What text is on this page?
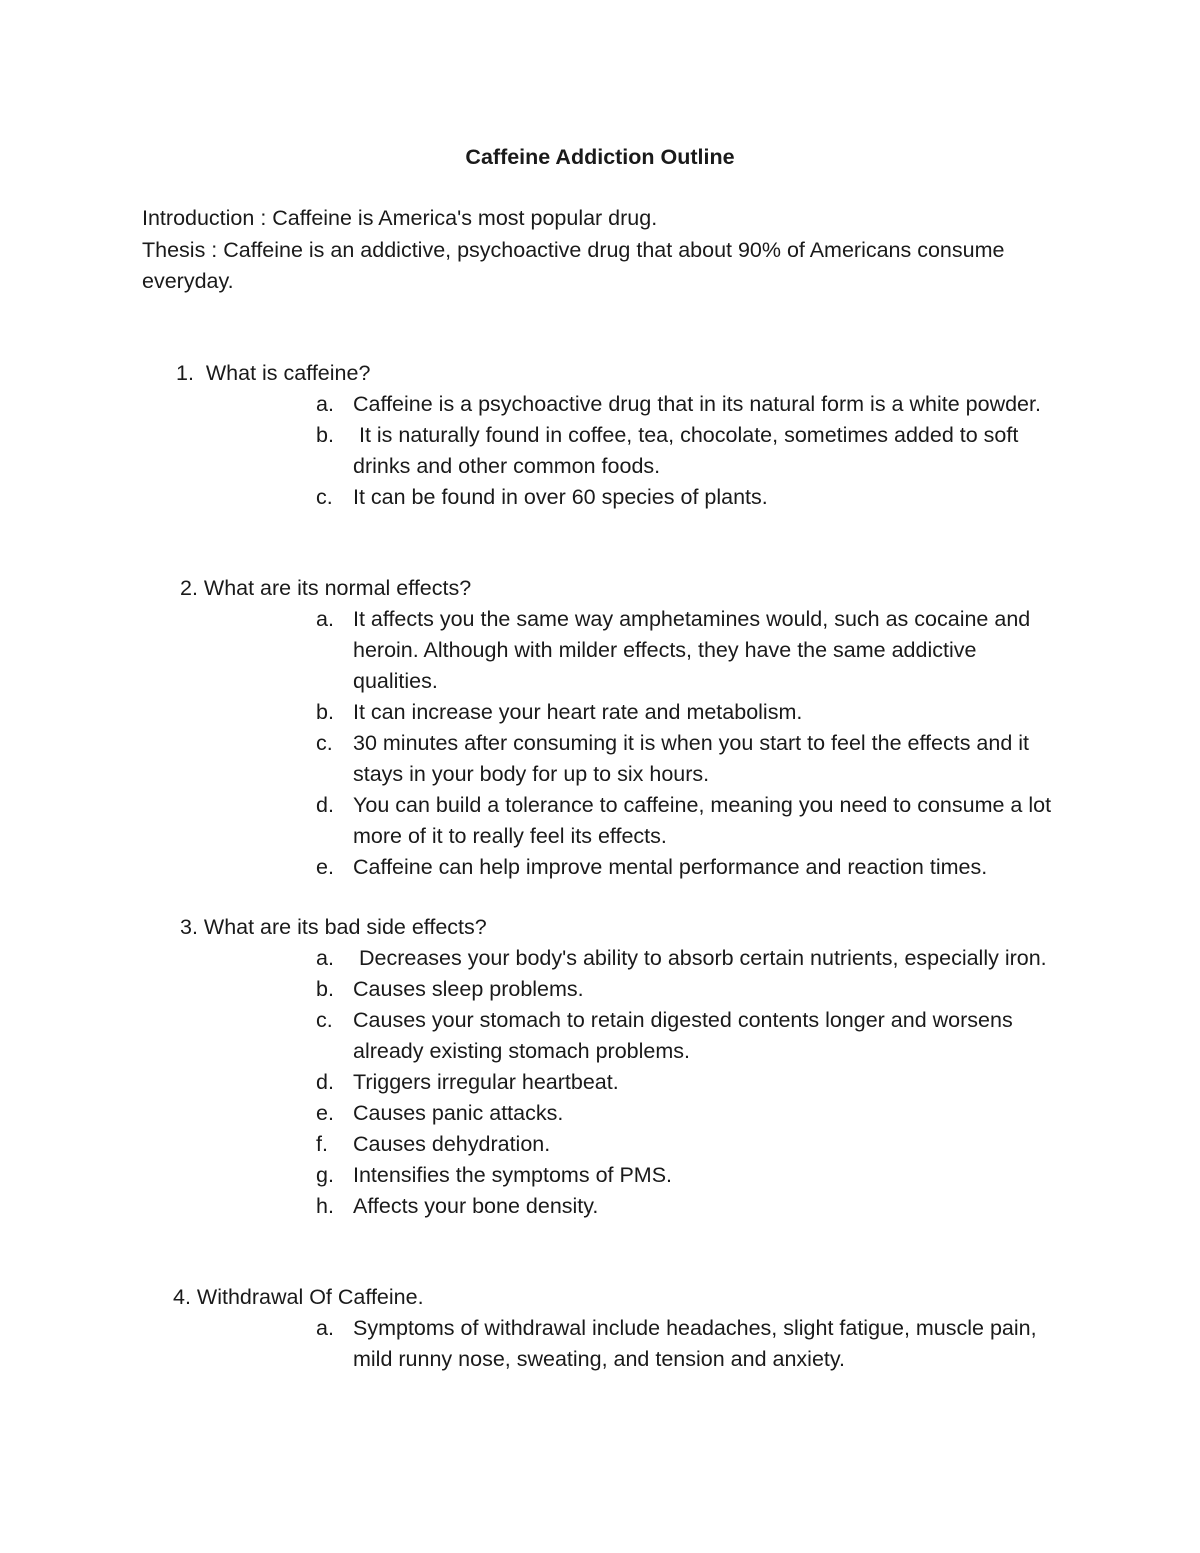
Caffeine Addiction Outline

Introduction : Caffeine is America's most popular drug.

Thesis : Caffeine is an addictive, psychoactive drug that about 90% of Americans consume everyday.

1.  What is caffeine?
a. Caffeine is a psychoactive drug that in its natural form is a white powder.
b. It is naturally found in coffee, tea, chocolate, sometimes added to soft drinks and other common foods.
c. It can be found in over 60 species of plants.
2. What are its normal effects?
a. It affects you the same way amphetamines would, such as cocaine and heroin. Although with milder effects, they have the same addictive qualities.
b. It can increase your heart rate and metabolism.
c. 30 minutes after consuming it is when you start to feel the effects and it stays in your body for up to six hours.
d. You can build a tolerance to caffeine, meaning you need to consume a lot more of it to really feel its effects.
e. Caffeine can help improve mental performance and reaction times.
3. What are its bad side effects?
a. Decreases your body's ability to absorb certain nutrients, especially iron.
b. Causes sleep problems.
c. Causes your stomach to retain digested contents longer and worsens already existing stomach problems.
d. Triggers irregular heartbeat.
e. Causes panic attacks.
f.	Causes dehydration.
g. Intensifies the symptoms of PMS.
h. Affects your bone density.
4. Withdrawal Of Caffeine.
a. Symptoms of withdrawal include headaches, slight fatigue, muscle pain, mild runny nose, sweating, and tension and anxiety.
